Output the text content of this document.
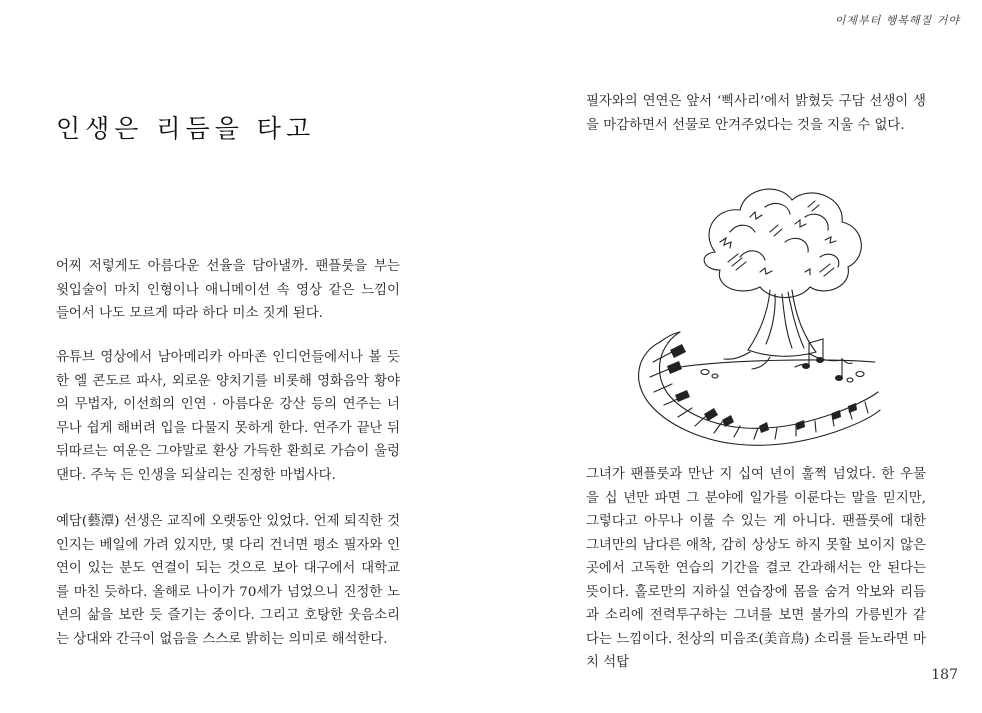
인생은 리듬을 타고

어찌 저렇게도 아름다운 선율을 담아낼까. 팬플룻을 부는 윗입술이 마치 인형이나 애니메이션 속 영상 같은 느낌이 들어서 나도 모르게 따라 하다 미소 짓게 된다.

유튜브 영상에서 남아메리카 아마존 인디언들에서나 볼 듯한 엘 콘도르 파사, 외로운 양치기를 비롯해 영화음악 황야의 무법자, 이선희의 인연 · 아름다운 강산 등의 연주는 너무나 쉽게 해버려 입을 다물지 못하게 한다. 연주가 끝난 뒤 뒤따르는 여운은 그야말로 환상 가득한 환희로 가슴이 울렁댄다. 주눅 든 인생을 되살리는 진정한 마법사다.

예담(藝潭) 선생은 교직에 오랫동안 있었다. 언제 퇴직한 것인지는 베일에 가려 있지만, 몇 다리 건너면 평소 필자와 인연이 있는 분도 연결이 되는 것으로 보아 대구에서 대학교를 마친 듯하다. 올해로 나이가 70세가 넘었으니 진정한 노년의 삶을 보란 듯 즐기는 중이다. 그리고 호탕한 웃음소리는 상대와 간극이 없음을 스스로 밝히는 의미로 해석한다.

이제부터 행복해질 거야

필자와의 연연은 앞서 ‘삑사리’에서 밝혔듯 구담 선생이 생을 마감하면서 선물로 안겨주었다는 것을 지울 수 없다.

그녀가 팬플룻과 만난 지 십여 년이 훌쩍 넘었다. 한 우물을 십 년만 파면 그 분야에 일가를 이룬다는 말을 믿지만, 그렇다고 아무나 이룰 수 있는 게 아니다. 팬플룻에 대한 그녀만의 남다른 애착, 감히 상상도 하지 못할 보이지 않은 곳에서 고독한 연습의 기간을 결코 간과해서는 안 된다는 뜻이다. 홀로만의 지하실 연습장에 몸을 숨겨 악보와 리듬과 소리에 전력투구하는 그녀를 보면 불가의 가릉빈가 같다는 느낌이다. 천상의 미음조(美音鳥) 소리를 듣노라면 마치 석탑

187
